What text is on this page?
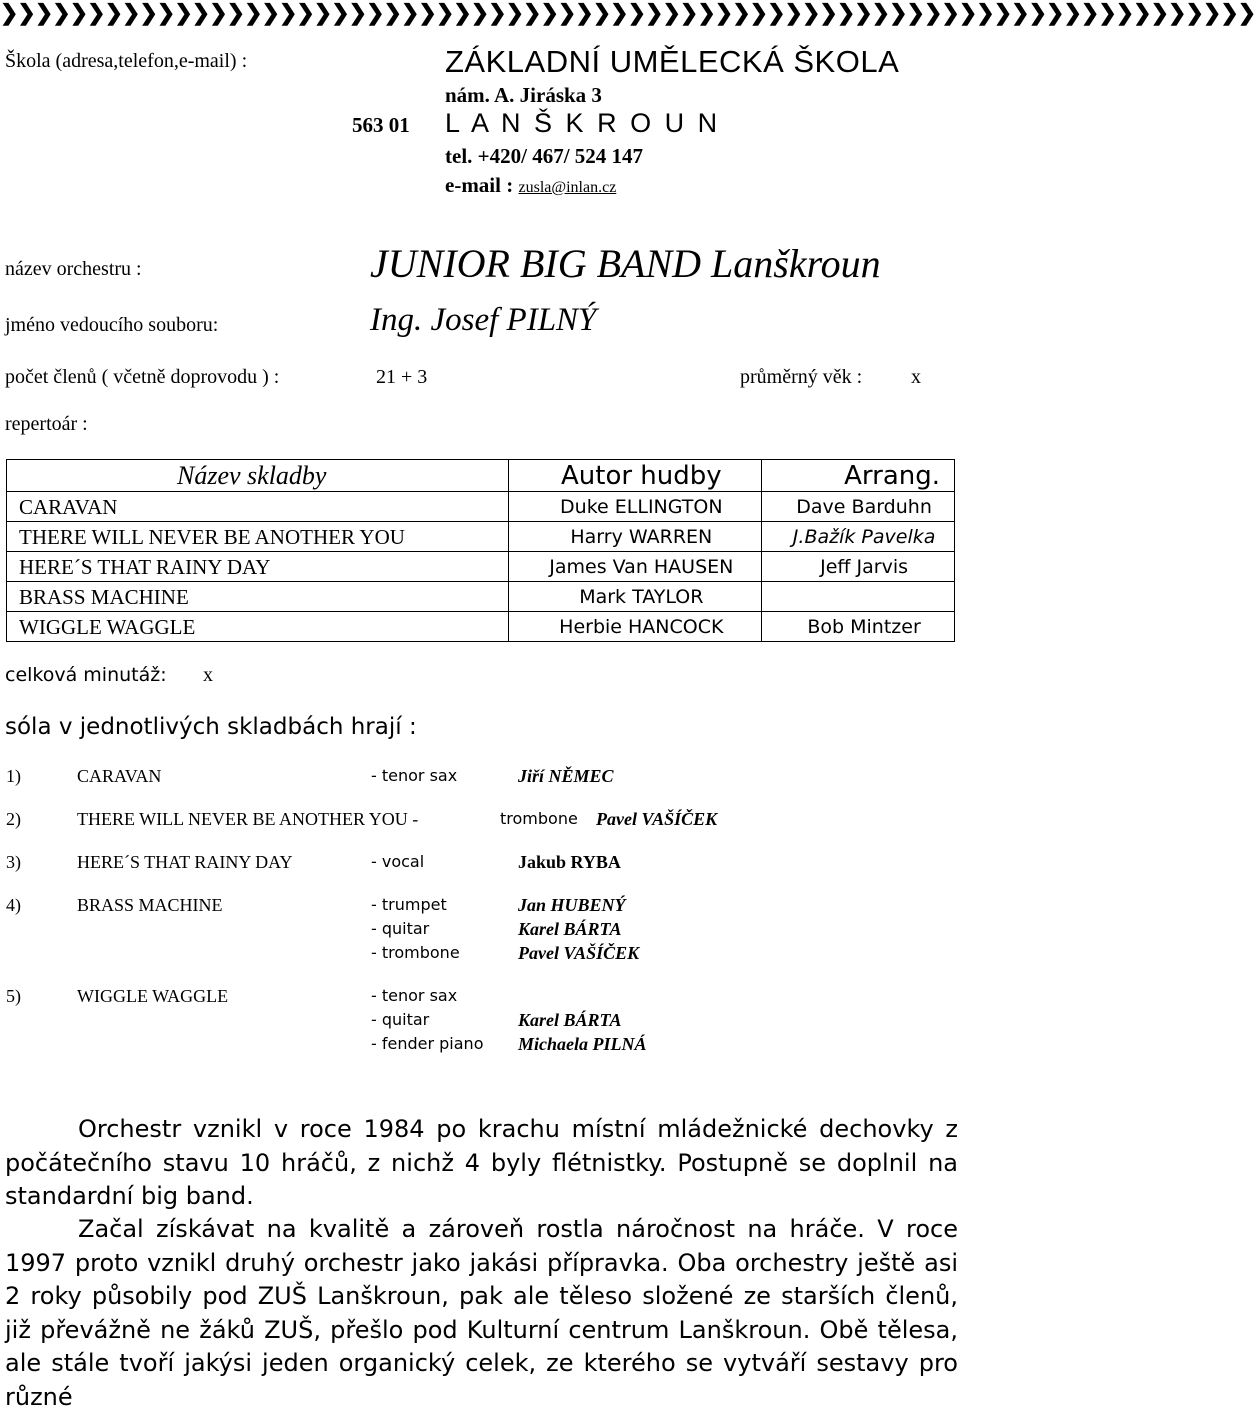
❯❯❯❯❯❯❯❯❯❯❯❯❯❯❯❯❯❯❯❯❯❯❯❯❯❯❯❯❯❯❯❯❯❯❯❯❯❯❯❯❯❯❯❯❯❯❯❯❯❯❯❯❯❯❯❯❯❯❯❯❯❯❯❯❯❯❯❯❯❯❯❯
Škola (adresa,telefon,e-mail) :	ZÁKLADNÍ UMĚLECKÁ ŠKOLA
nám. A. Jiráska 3
563 01 L A N Š K R O U N
tel. +420/ 467/ 524 147
e-mail : zusla@inlan.cz
název orchestru :	JUNIOR BIG BAND Lanškroun
jméno vedoucího souboru:	Ing. Josef PILNÝ
počet členů ( včetně doprovodu ) :	21 + 3	průměrný věk : x
repertoár :
Název skladby	Autor hudby	Arrang.
CARAVAN	Duke ELLINGTON	Dave Barduhn
THERE WILL NEVER BE ANOTHER YOU	Harry WARREN	J.Bažík Pavelka
HERE´S THAT RAINY DAY	James Van HAUSEN	Jeff Jarvis
BRASS MACHINE	Mark TAYLOR	
WIGGLE WAGGLE	Herbie HANCOCK	Bob Mintzer
celková minutáž: x
sóla v jednotlivých skladbách hrají :
1)	CARAVAN	- tenor sax	Jiří NĚMEC
2)	THERE WILL NEVER BE ANOTHER YOU -	trombone Pavel VAŠÍČEK
3)	HERE´S THAT RAINY DAY	- vocal	Jakub RYBA
4)	BRASS MACHINE	- trumpet	Jan HUBENÝ
- quitar	Karel BÁRTA
- trombone	Pavel VAŠÍČEK
5)	WIGGLE WAGGLE	- tenor sax
- quitar	Karel BÁRTA
- fender piano Michaela PILNÁ
Orchestr vznikl v roce 1984 po krachu místní mládežnické dechovky z počátečního stavu 10 hráčů, z nichž 4 byly flétnistky. Postupně se doplnil na standardní big band.
Začal získávat na kvalitě a zároveň rostla náročnost na hráče. V roce 1997 proto vznikl druhý orchestr jako jakási přípravka. Oba orchestry ještě asi 2 roky působily pod ZUŠ Lanškroun, pak ale těleso složené ze starších členů, již převážně ne žáků ZUŠ, přešlo pod Kulturní centrum Lanškroun. Obě tělesa, ale stále tvoří jakýsi jeden organický celek, ze kterého se vytváří sestavy pro různé
